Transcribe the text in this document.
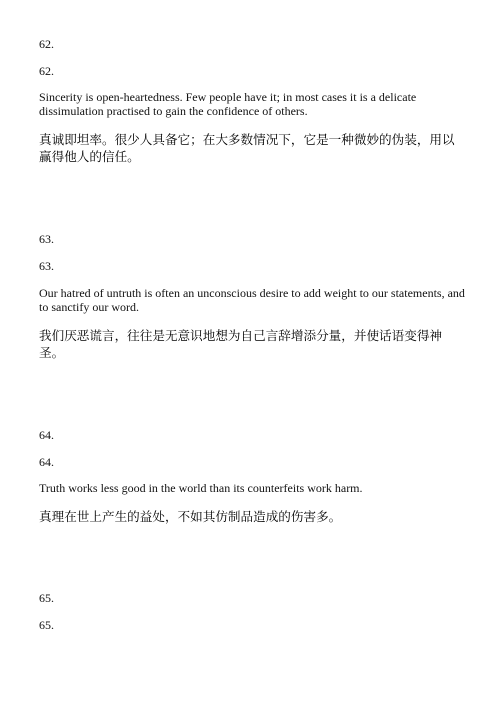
62.
62.
Sincerity is open-heartedness. Few people have it; in most cases it is a delicate dissimulation practised to gain the confidence of others.
真诚即坦率。很少人具备它；在大多数情况下，它是一种微妙的伪装，用以赢得他人的信任。
63.
63.
Our hatred of untruth is often an unconscious desire to add weight to our statements, and to sanctify our word.
我们厌恶谎言，往往是无意识地想为自己言辞增添分量，并使话语变得神圣。
64.
64.
Truth works less good in the world than its counterfeits work harm.
真理在世上产生的益处，不如其仿制品造成的伤害多。
65.
65.
